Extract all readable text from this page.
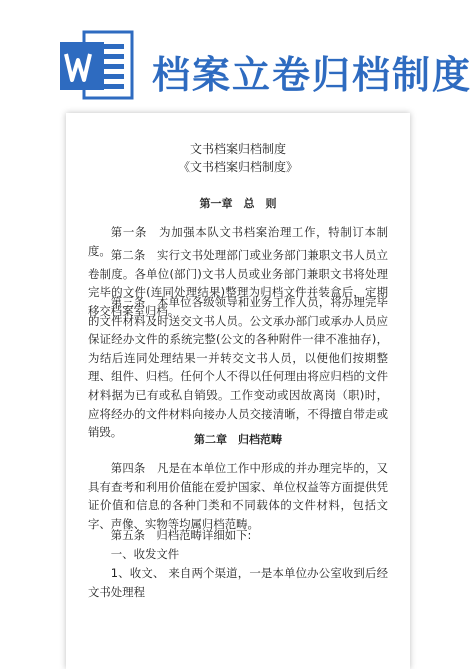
档案立卷归档制度
文书档案归档制度
《文书档案归档制度》
第一章　总　则
第一条　为加强本队文书档案治理工作，特制订本制度。 第二条　实行文书处理部门或业务部门兼职文书人员立卷制度。各单位(部门)文书人员或业务部门兼职文书将处理完毕的文件(连同处理结果)整理为归档文件并装盒后，定期移交档案室归档。
第三条　本单位各级领导和业务工作人员，将办理完毕的文件材料及时送交文书人员。公文承办部门或承办人员应保证经办文件的系统完整(公文的各种附件一律不准抽存)，为结后连同处理结果一并转交文书人员，以便他们按期整理、组件、归档。任何个人不得以任何理由将应归档的文件材料据为已有或私自销毁。工作变动或因故离岗（职)时，应将经办的文件材料向接办人员交接清晰，不得擅自带走或销毁。
第二章　归档范畴
第四条　凡是在本单位工作中形成的并办理完毕的，又具有查考和利用价值能在爱护国家、单位权益等方面提供凭证价值和信息的各种门类和不同载体的文件材料，包括文字、声像、实物等均属归档范畴。
第五条　归档范畴详细如下:
一、收发文件
1、收文、 来自两个渠道，一是本单位办公室收到后经文书处理程
